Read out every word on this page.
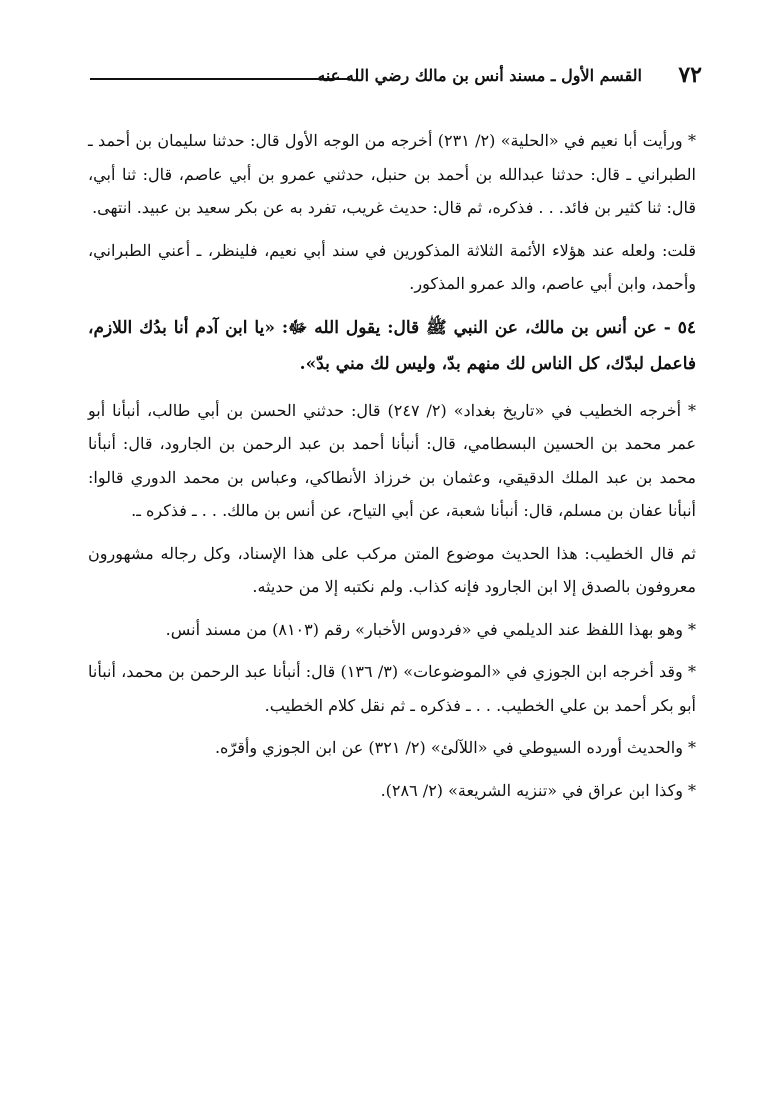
٧٢
القسم الأول ـ مسند أنس بن مالك رضي الله عنه

* ورأيت أبا نعيم في «الحلية» (٢/ ٢٣١) أخرجه من الوجه الأول قال: حدثنا سليمان بن أحمد ـ الطبراني ـ قال: حدثنا عبدالله بن أحمد بن حنبل، حدثني عمرو بن أبي عاصم، قال: ثنا أبي، قال: ثنا كثير بن فائد. . . فذكره، ثم قال: حديث غريب، تفرد به عن بكر سعيد بن عبيد. انتهى.

قلت: ولعله عند هؤلاء الأئمة الثلاثة المذكورين في سند أبي نعيم، فلينظر، ـ أعني الطبراني، وأحمد، وابن أبي عاصم، والد عمرو المذكور.

٥٤ - عن أنس بن مالك، عن النبي ﷺ قال: يقول الله ﷻ: «يا ابن آدم أنا بدُك اللازم، فاعمل لبدّك، كل الناس لك منهم بدّ، وليس لك مني بدّ».

* أخرجه الخطيب في «تاريخ بغداد» (٢/ ٢٤٧) قال: حدثني الحسن بن أبي طالب، أنبأنا أبو عمر محمد بن الحسين البسطامي، قال: أنبأنا أحمد بن عبد الرحمن بن الجارود، قال: أنبأنا محمد بن عبد الملك الدقيقي، وعثمان بن خرزاذ الأنطاكي، وعباس بن محمد الدوري قالوا: أنبأنا عفان بن مسلم، قال: أنبأنا شعبة، عن أبي التياح، عن أنس بن مالك. . . ـ فذكره ـ.

ثم قال الخطيب: هذا الحديث موضوع المتن مركب على هذا الإسناد، وكل رجاله مشهورون معروفون بالصدق إلا ابن الجارود فإنه كذاب. ولم نكتبه إلا من حديثه.

* وهو بهذا اللفظ عند الديلمي في «فردوس الأخبار» رقم (٨١٠٣) من مسند أنس.

* وقد أخرجه ابن الجوزي في «الموضوعات» (٣/ ١٣٦) قال: أنبأنا عبد الرحمن بن محمد، أنبأنا أبو بكر أحمد بن علي الخطيب. . . ـ فذكره ـ ثم نقل كلام الخطيب.

* والحديث أورده السيوطي في «اللآلئ» (٢/ ٣٢١) عن ابن الجوزي وأقرّه.

* وكذا ابن عراق في «تنزيه الشريعة» (٢/ ٢٨٦).
